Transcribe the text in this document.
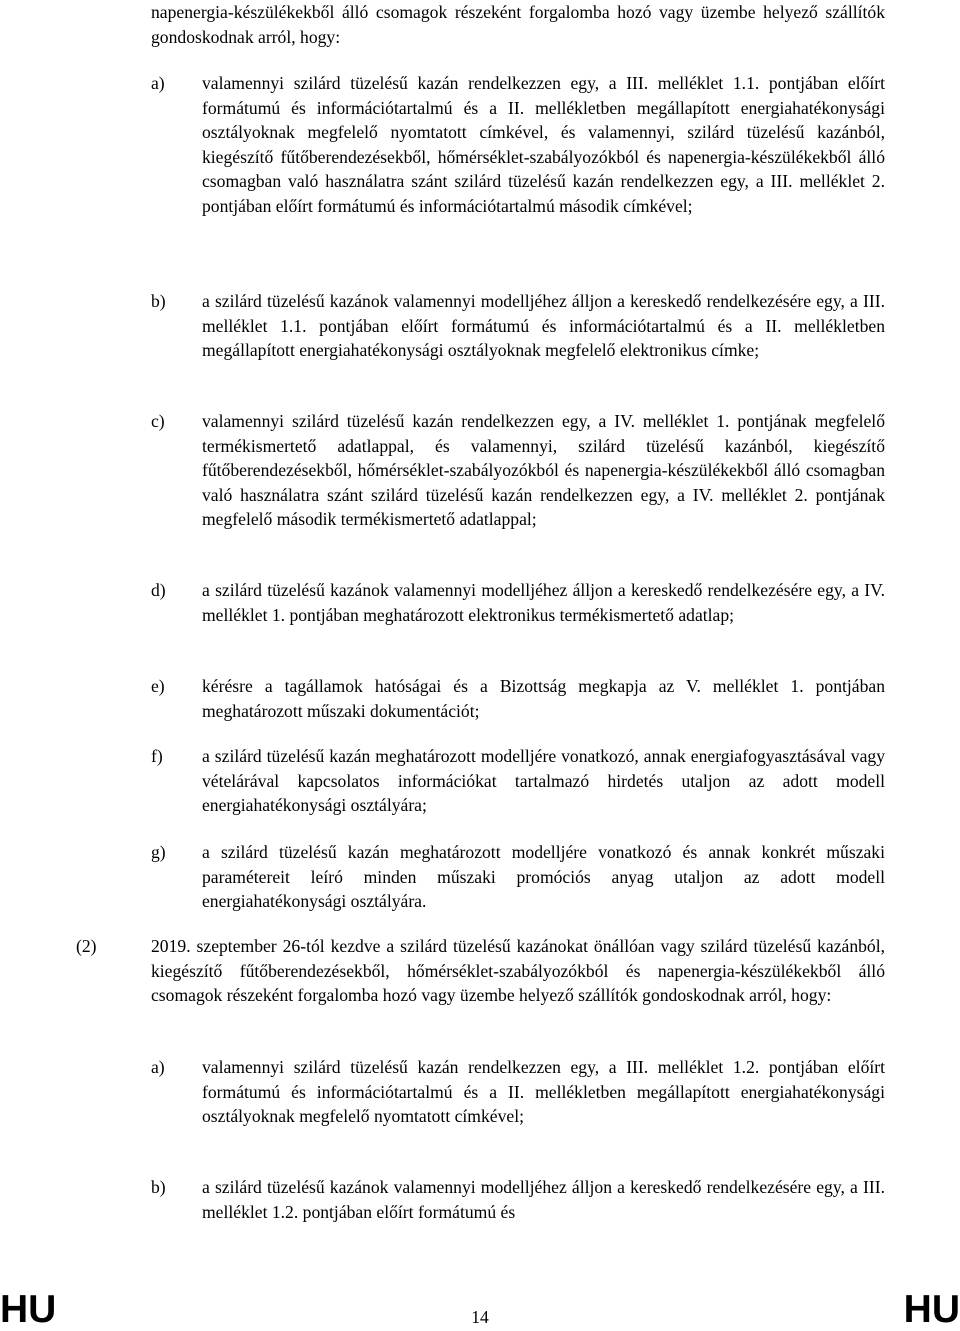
napenergia-készülékekből álló csomagok részeként forgalomba hozó vagy üzembe helyező szállítók gondoskodnak arról, hogy:
a) valamennyi szilárd tüzelésű kazán rendelkezzen egy, a III. melléklet 1.1. pontjában előírt formátumú és információtartalmú és a II. mellékletben megállapított energiahatékonysági osztályoknak megfelelő nyomtatott címkével, és valamennyi, szilárd tüzelésű kazánból, kiegészítő fűtőberendezésekből, hőmérséklet-szabályozókból és napenergia-készülékekből álló csomagban való használatra szánt szilárd tüzelésű kazán rendelkezzen egy, a III. melléklet 2. pontjában előírt formátumú és információtartalmú második címkével;
b) a szilárd tüzelésű kazánok valamennyi modelljéhez álljon a kereskedő rendelkezésére egy, a III. melléklet 1.1. pontjában előírt formátumú és információtartalmú és a II. mellékletben megállapított energiahatékonysági osztályoknak megfelelő elektronikus címke;
c) valamennyi szilárd tüzelésű kazán rendelkezzen egy, a IV. melléklet 1. pontjának megfelelő termékismertető adatlappal, és valamennyi, szilárd tüzelésű kazánból, kiegészítő fűtőberendezésekből, hőmérséklet-szabályozókból és napenergia-készülékekből álló csomagban való használatra szánt szilárd tüzelésű kazán rendelkezzen egy, a IV. melléklet 2. pontjának megfelelő második termékismertető adatlappal;
d) a szilárd tüzelésű kazánok valamennyi modelljéhez álljon a kereskedő rendelkezésére egy, a IV. melléklet 1. pontjában meghatározott elektronikus termékismertető adatlap;
e) kérésre a tagállamok hatóságai és a Bizottság megkapja az V. melléklet 1. pontjában meghatározott műszaki dokumentációt;
f) a szilárd tüzelésű kazán meghatározott modelljére vonatkozó, annak energiafogyasztásával vagy vételárával kapcsolatos információkat tartalmazó hirdetés utaljon az adott modell energiahatékonysági osztályára;
g) a szilárd tüzelésű kazán meghatározott modelljére vonatkozó és annak konkrét műszaki paramétereit leíró minden műszaki promóciós anyag utaljon az adott modell energiahatékonysági osztályára.
(2)	2019. szeptember 26-tól kezdve a szilárd tüzelésű kazánokat önállóan vagy szilárd tüzelésű kazánból, kiegészítő fűtőberendezésekből, hőmérséklet-szabályozókból és napenergia-készülékekből álló csomagok részeként forgalomba hozó vagy üzembe helyező szállítók gondoskodnak arról, hogy:
a) valamennyi szilárd tüzelésű kazán rendelkezzen egy, a III. melléklet 1.2. pontjában előírt formátumú és információtartalmú és a II. mellékletben megállapított energiahatékonysági osztályoknak megfelelő nyomtatott címkével;
b) a szilárd tüzelésű kazánok valamennyi modelljéhez álljon a kereskedő rendelkezésére egy, a III. melléklet 1.2. pontjában előírt formátumú és
HU	14	HU
